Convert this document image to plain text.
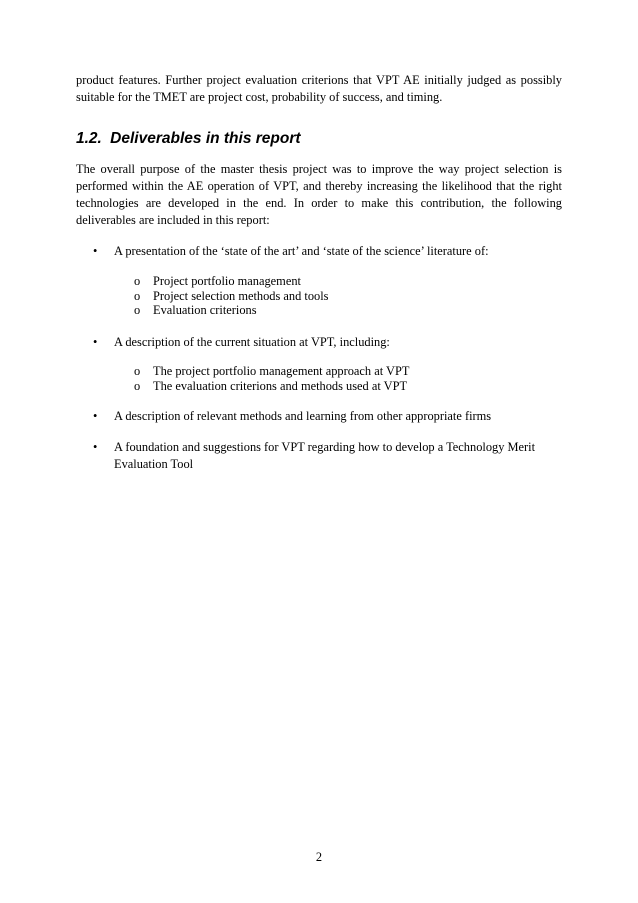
product features. Further project evaluation criterions that VPT AE initially judged as possibly suitable for the TMET are project cost, probability of success, and timing.

1.2. Deliverables in this report

The overall purpose of the master thesis project was to improve the way project selection is performed within the AE operation of VPT, and thereby increasing the likelihood that the right technologies are developed in the end. In order to make this contribution, the following deliverables are included in this report:

• A presentation of the ‘state of the art’ and ‘state of the science’ literature of:
o Project portfolio management
o Project selection methods and tools
o Evaluation criterions
• A description of the current situation at VPT, including:
o The project portfolio management approach at VPT
o The evaluation criterions and methods used at VPT
• A description of relevant methods and learning from other appropriate firms
• A foundation and suggestions for VPT regarding how to develop a Technology Merit Evaluation Tool
2
